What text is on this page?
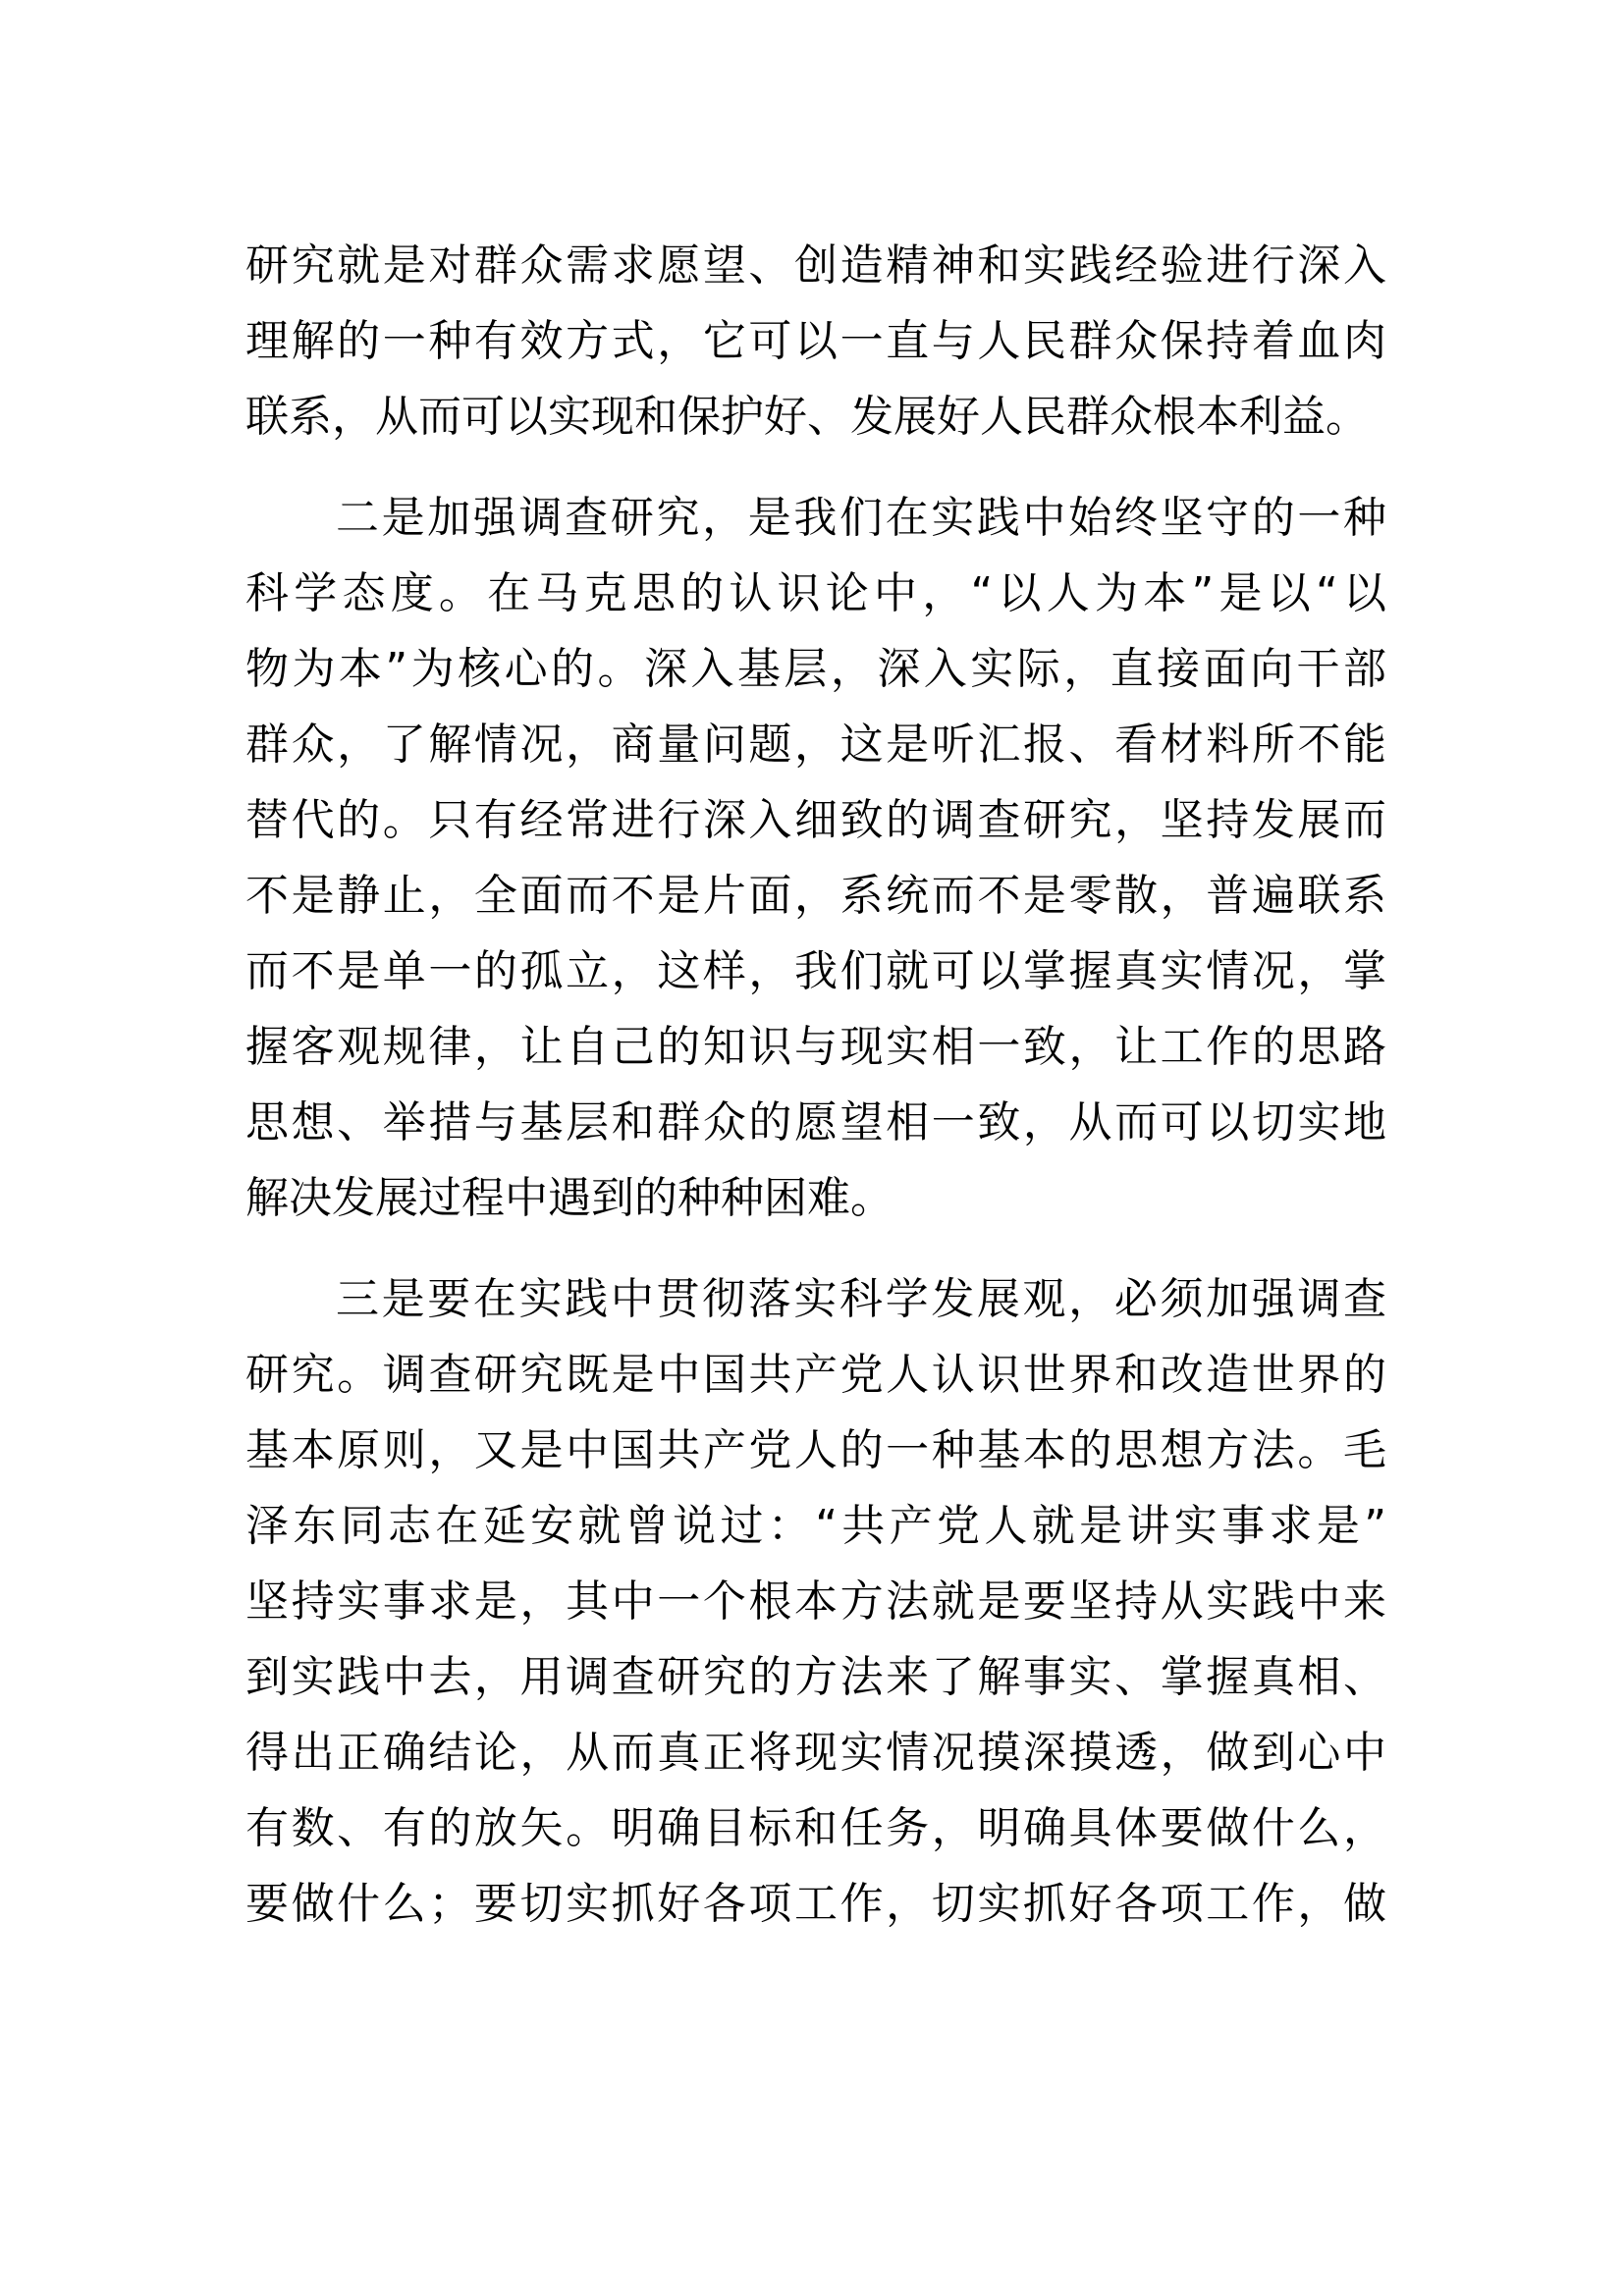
研究就是对群众需求愿望、创造精神和实践经验进行深入
理解的一种有效方式，它可以一直与人民群众保持着血肉
联系，从而可以实现和保护好、发展好人民群众根本利益。
二是加强调查研究，是我们在实践中始终坚守的一种
科学态度。在马克思的认识论中，“以人为本”是以“以
物为本”为核心的。深入基层，深入实际，直接面向干部
群众，了解情况，商量问题，这是听汇报、看材料所不能
替代的。只有经常进行深入细致的调查研究，坚持发展而
不是静止，全面而不是片面，系统而不是零散，普遍联系
而不是单一的孤立，这样，我们就可以掌握真实情况，掌
握客观规律，让自己的知识与现实相一致，让工作的思路
思想、举措与基层和群众的愿望相一致，从而可以切实地
解决发展过程中遇到的种种困难。
三是要在实践中贯彻落实科学发展观，必须加强调查
研究。调查研究既是中国共产党人认识世界和改造世界的
基本原则，又是中国共产党人的一种基本的思想方法。毛
泽东同志在延安就曾说过：“共产党人就是讲实事求是”
坚持实事求是，其中一个根本方法就是要坚持从实践中来
到实践中去，用调查研究的方法来了解事实、掌握真相、
得出正确结论，从而真正将现实情况摸深摸透，做到心中
有数、有的放矢。明确目标和任务，明确具体要做什么，
要做什么；要切实抓好各项工作，切实抓好各项工作，做
